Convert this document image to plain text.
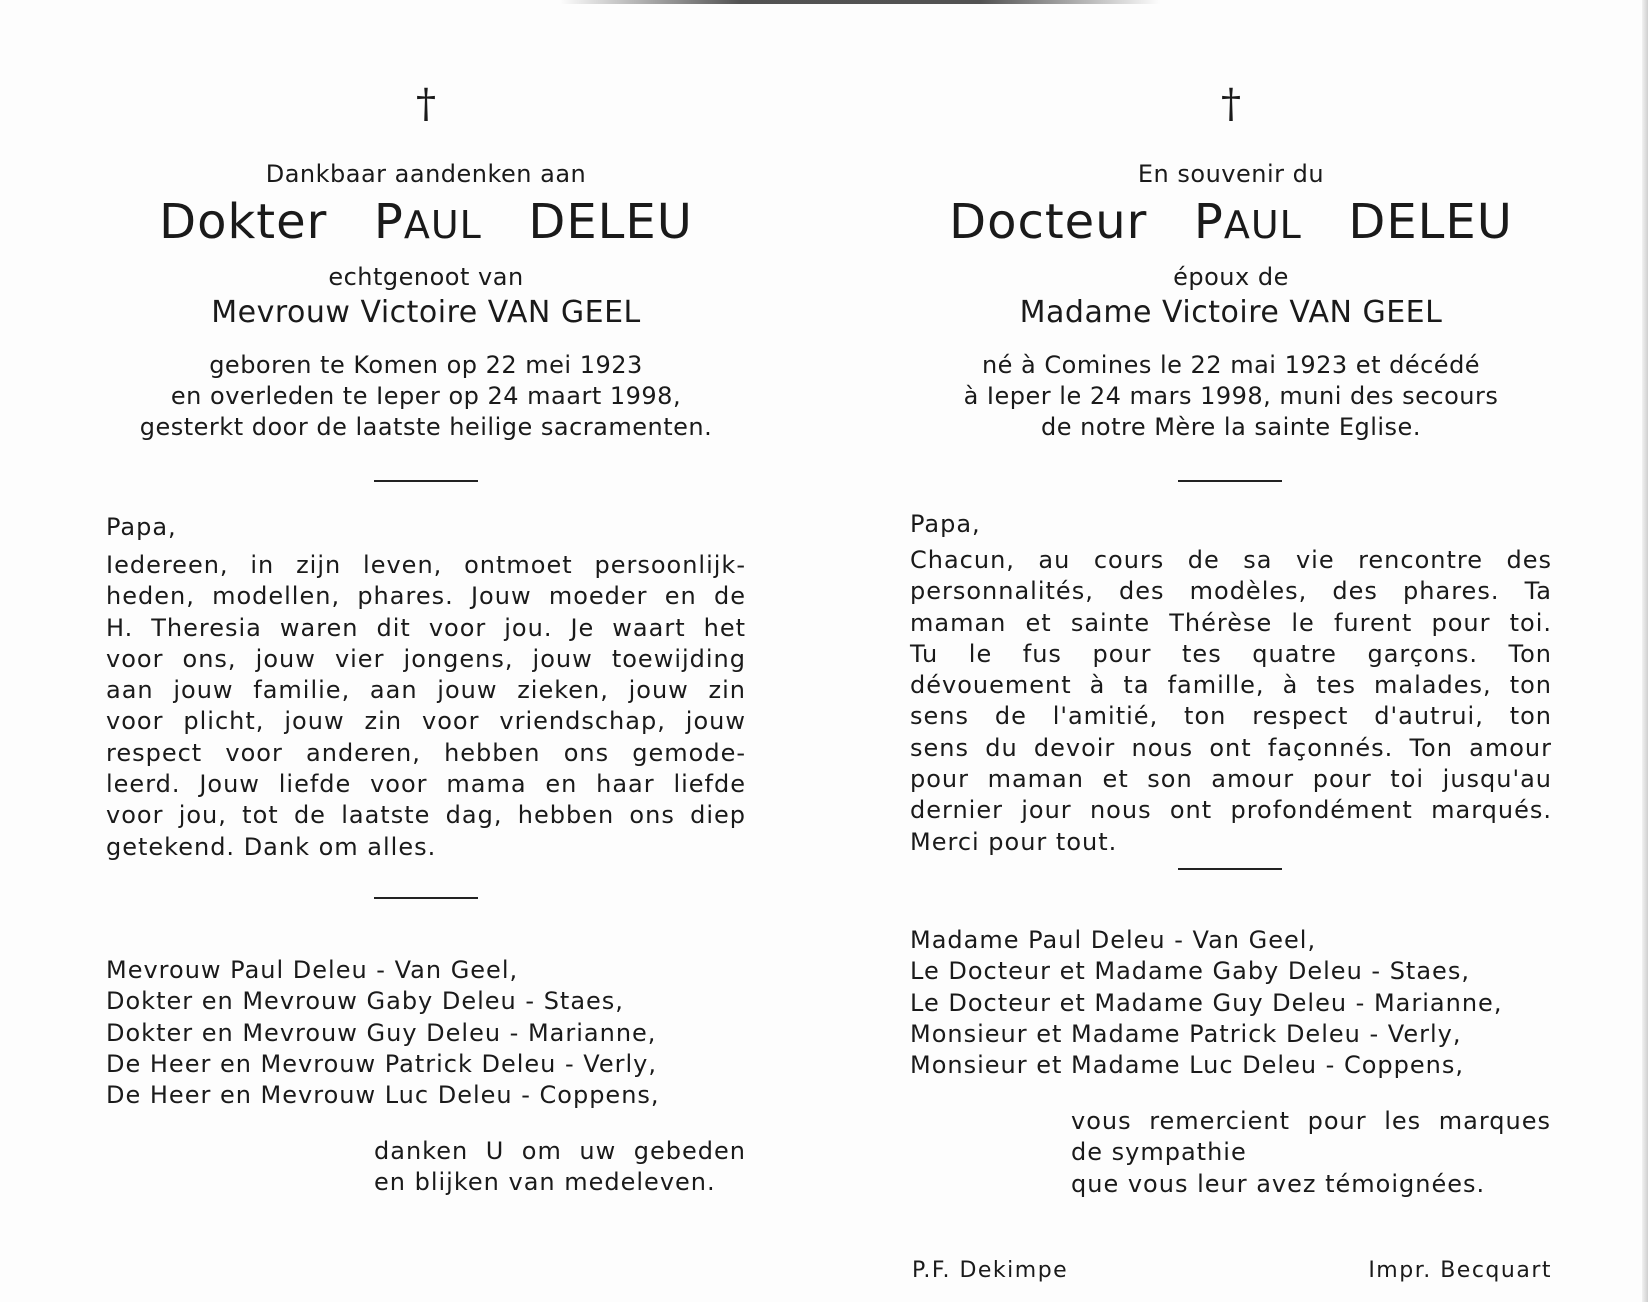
†
Dankbaar aandenken aan
Dokter PAUL DELEU
echtgenoot van
Mevrouw Victoire VAN GEEL
geboren te Komen op 22 mei 1923
en overleden te Ieper op 24 maart 1998,
gesterkt door de laatste heilige sacramenten.
Papa,
Iedereen, in zijn leven, ontmoet persoonlijk-
heden, modellen, phares. Jouw moeder en de
H. Theresia waren dit voor jou. Je waart het
voor ons, jouw vier jongens, jouw toewijding
aan jouw familie, aan jouw zieken, jouw zin
voor plicht, jouw zin voor vriendschap, jouw
respect voor anderen, hebben ons gemode-
leerd. Jouw liefde voor mama en haar liefde
voor jou, tot de laatste dag, hebben ons diep
getekend. Dank om alles.
Mevrouw Paul Deleu - Van Geel,
Dokter en Mevrouw Gaby Deleu - Staes,
Dokter en Mevrouw Guy Deleu - Marianne,
De Heer en Mevrouw Patrick Deleu - Verly,
De Heer en Mevrouw Luc Deleu - Coppens,
danken U om uw gebeden
en blijken van medeleven.
†
En souvenir du
Docteur PAUL DELEU
époux de
Madame Victoire VAN GEEL
né à Comines le 22 mai 1923 et décédé
à Ieper le 24 mars 1998, muni des secours
de notre Mère la sainte Eglise.
Papa,
Chacun, au cours de sa vie rencontre des
personnalités, des modèles, des phares. Ta
maman et sainte Thérèse le furent pour toi.
Tu le fus pour tes quatre garçons. Ton
dévouement à ta famille, à tes malades, ton
sens de l'amitié, ton respect d'autrui, ton
sens du devoir nous ont façonnés. Ton amour
pour maman et son amour pour toi jusqu'au
dernier jour nous ont profondément marqués.
Merci pour tout.
Madame Paul Deleu - Van Geel,
Le Docteur et Madame Gaby Deleu - Staes,
Le Docteur et Madame Guy Deleu - Marianne,
Monsieur et Madame Patrick Deleu - Verly,
Monsieur et Madame Luc Deleu - Coppens,
vous remercient pour les marques
de sympathie
que vous leur avez témoignées.
P.F. Dekimpe	Impr. Becquart
